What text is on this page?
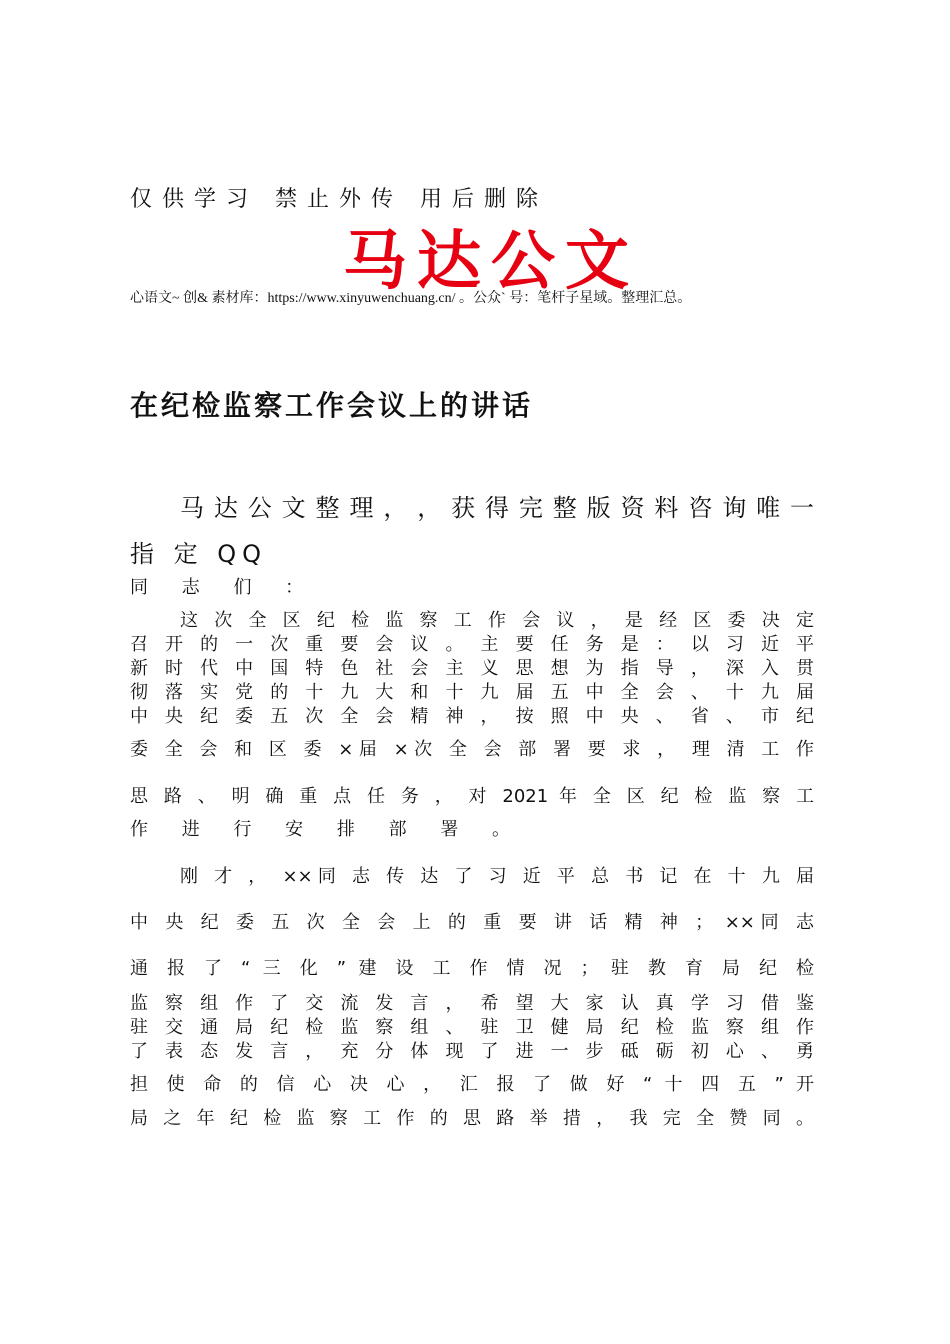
仅供学习 禁止外传 用后删除
马达公文
心语文~ 创& 素材库：https://www.xinyuwenchuang.cn/ 。公众` 号：笔杆子星域。整理汇总。
在纪检监察工作会议上的讲话
马 达 公 文 整 理 ， ， 获 得 完 整 版 资 料 咨 询 唯 一
指 定 QQ
同 志 们 ：
这 次 全 区 纪 检 监 察 工 作 会 议 ， 是 经 区 委 决 定
召 开 的 一 次 重 要 会 议 。 主 要 任 务 是 ： 以 习 近 平
新 时 代 中 国 特 色 社 会 主 义 思 想 为 指 导 ， 深 入 贯
彻 落 实 党 的 十 九 大 和 十 九 届 五 中 全 会 、 十 九 届
中 央 纪 委 五 次 全 会 精 神 ， 按 照 中 央 、 省 、 市 纪
委 全 会 和 区 委 ×届 ×次 全 会 部 署 要 求 ， 理 清 工 作
思 路 、 明 确 重 点 任 务 ， 对 2021 年 全 区 纪 检 监 察 工
作 进 行 安 排 部 署 。
刚 才 ， ××同 志 传 达 了 习 近 平 总 书 记 在 十 九 届
中 央 纪 委 五 次 全 会 上 的 重 要 讲 话 精 神 ； ××同 志
通 报 了 “ 三 化 ” 建 设 工 作 情 况 ； 驻 教 育 局 纪 检
监 察 组 作 了 交 流 发 言 ， 希 望 大 家 认 真 学 习 借 鉴
驻 交 通 局 纪 检 监 察 组 、 驻 卫 健 局 纪 检 监 察 组 作
了 表 态 发 言 ， 充 分 体 现 了 进 一 步 砥 砺 初 心 、 勇
担 使 命 的 信 心 决 心 ， 汇 报 了 做 好 “ 十 四 五 ” 开
局 之 年 纪 检 监 察 工 作 的 思 路 举 措 ， 我 完 全 赞 同 。
